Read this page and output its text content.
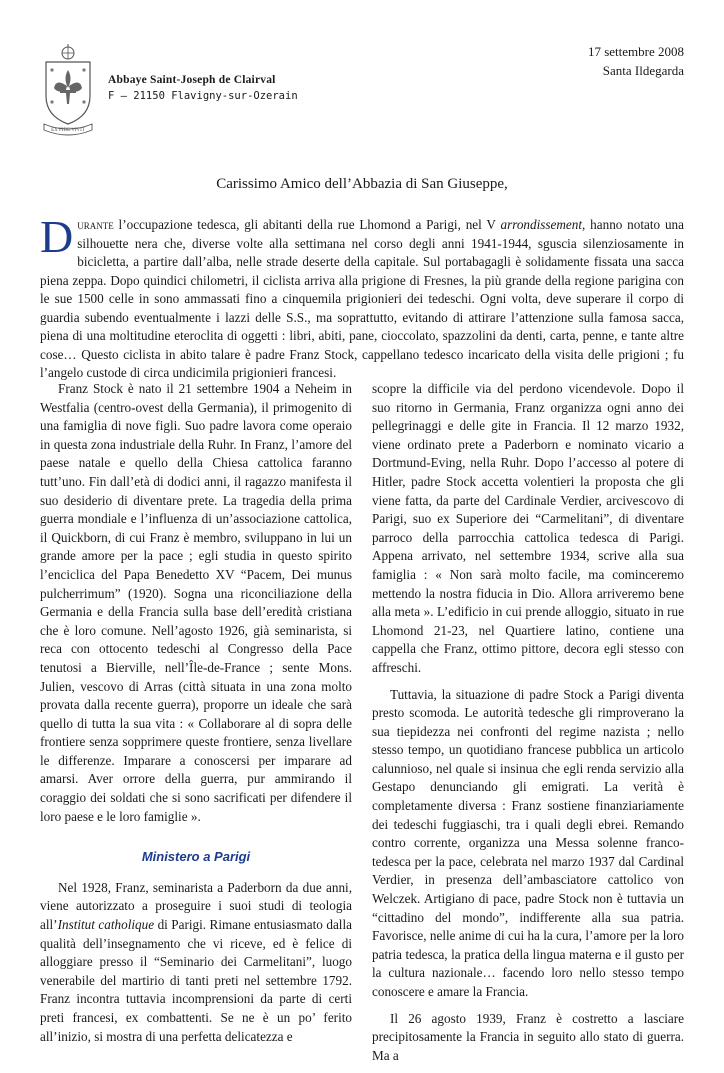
EX FIDE VIVIT
Abbaye Saint-Joseph de Clairval
F — 21150 Flavigny-sur-Ozerain
17 settembre 2008
Santa Ildegarda
Carissimo Amico dell’Abbazia di San Giuseppe,
Durante l’occupazione tedesca, gli abitanti della rue Lhomond a Parigi, nel V arrondissement, hanno notato una silhouette nera che, diverse volte alla settimana nel corso degli anni 1941-1944, sguscia silenziosamente in bicicletta, a partire dall’alba, nelle strade deserte della capitale. Sul portabagagli è solidamente fissata una sacca piena zeppa. Dopo quindici chilometri, il ciclista arriva alla prigione di Fresnes, la più grande della regione parigina con le sue 1500 celle in sono ammassati fino a cinquemila prigionieri dei tedeschi. Ogni volta, deve superare il corpo di guardia subendo eventualmente i lazzi delle S.S., ma soprattutto, evitando di attirare l’attenzione sulla famosa sacca, piena di una moltitudine eteroclita di oggetti : libri, abiti, pane, cioccolato, spazzolini da denti, carta, penne, e tante altre cose… Questo ciclista in abito talare è padre Franz Stock, cappellano tedesco incaricato della visita delle prigioni ; fu l’angelo custode di circa undicimila prigionieri francesi.

Franz Stock è nato il 21 settembre 1904 a Neheim in Westfalia (centro-ovest della Germania), il primogenito di una famiglia di nove figli. Suo padre lavora come operaio in questa zona industriale della Ruhr. In Franz, l’amore del paese natale e quello della Chiesa cattolica faranno tutt’uno. Fin dall’età di dodici anni, il ragazzo manifesta il suo desiderio di diventare prete. La tragedia della prima guerra mondiale e l’influenza di un’associazione cattolica, il Quickborn, di cui Franz è membro, sviluppano in lui un grande amore per la pace ; egli studia in questo spirito l’enciclica del Papa Benedetto XV “Pacem, Dei munus pulcherrimum” (1920). Sogna una riconciliazione della Germania e della Francia sulla base dell’eredità cristiana che è loro comune. Nell’agosto 1926, già seminarista, si reca con ottocento tedeschi al Congresso della Pace tenutosi a Bierville, nell’Île-de-France ; sente Mons. Julien, vescovo di Arras (città situata in una zona molto provata dalla recente guerra), proporre un ideale che sarà quello di tutta la sua vita : « Collaborare al di sopra delle frontiere senza sopprimere queste frontiere, senza livellare le differenze. Imparare a conoscersi per imparare ad amarsi. Aver orrore della guerra, pur ammirando il coraggio dei soldati che si sono sacrificati per difendere il loro paese e le loro famiglie ».

Ministero a Parigi

Nel 1928, Franz, seminarista a Paderborn da due anni, viene autorizzato a proseguire i suoi studi di teologia all’Institut catholique di Parigi. Rimane entusiasmato dalla qualità dell’insegnamento che vi riceve, ed è felice di alloggiare presso il “Seminario dei Carmelitani”, luogo venerabile del martirio di tanti preti nel settembre 1792. Franz incontra tuttavia incomprensioni da parte di certi preti francesi, ex combattenti. Se ne è un po’ ferito all’inizio, si mostra di una perfetta delicatezza e

scopre la difficile via del perdono vicendevole. Dopo il suo ritorno in Germania, Franz organizza ogni anno dei pellegrinaggi e delle gite in Francia. Il 12 marzo 1932, viene ordinato prete a Paderborn e nominato vicario a Dortmund-Eving, nella Ruhr. Dopo l’accesso al potere di Hitler, padre Stock accetta volentieri la proposta che gli viene fatta, da parte del Cardinale Verdier, arcivescovo di Parigi, suo ex Superiore dei “Carmelitani”, di diventare parroco della parrocchia cattolica tedesca di Parigi. Appena arrivato, nel settembre 1934, scrive alla sua famiglia : « Non sarà molto facile, ma cominceremo mettendo la nostra fiducia in Dio. Allora arriveremo bene alla meta ». L’edificio in cui prende alloggio, situato in rue Lhomond 21-23, nel Quartiere latino, contiene una cappella che Franz, ottimo pittore, decora egli stesso con affreschi.

Tuttavia, la situazione di padre Stock a Parigi diventa presto scomoda. Le autorità tedesche gli rimproverano la sua tiepidezza nei confronti del regime nazista ; nello stesso tempo, un quotidiano francese pubblica un articolo calunnioso, nel quale si insinua che egli renda servizio alla Gestapo denunciando gli emigrati. La verità è completamente diversa : Franz sostiene finanziariamente dei tedeschi fuggiaschi, tra i quali degli ebrei. Remando contro corrente, organizza una Messa solenne franco-tedesca per la pace, celebrata nel marzo 1937 dal Cardinal Verdier, in presenza dell’ambasciatore cattolico von Welczek. Artigiano di pace, padre Stock non è tuttavia un “cittadino del mondo”, indifferente alla sua patria. Favorisce, nelle anime di cui ha la cura, l’amore per la loro patria tedesca, la pratica della lingua materna e il gusto per la cultura nazionale… facendo loro nello stesso tempo conoscere e amare la Francia.

Il 26 agosto 1939, Franz è costretto a lasciare precipitosamente la Francia in seguito allo stato di guerra. Ma a
